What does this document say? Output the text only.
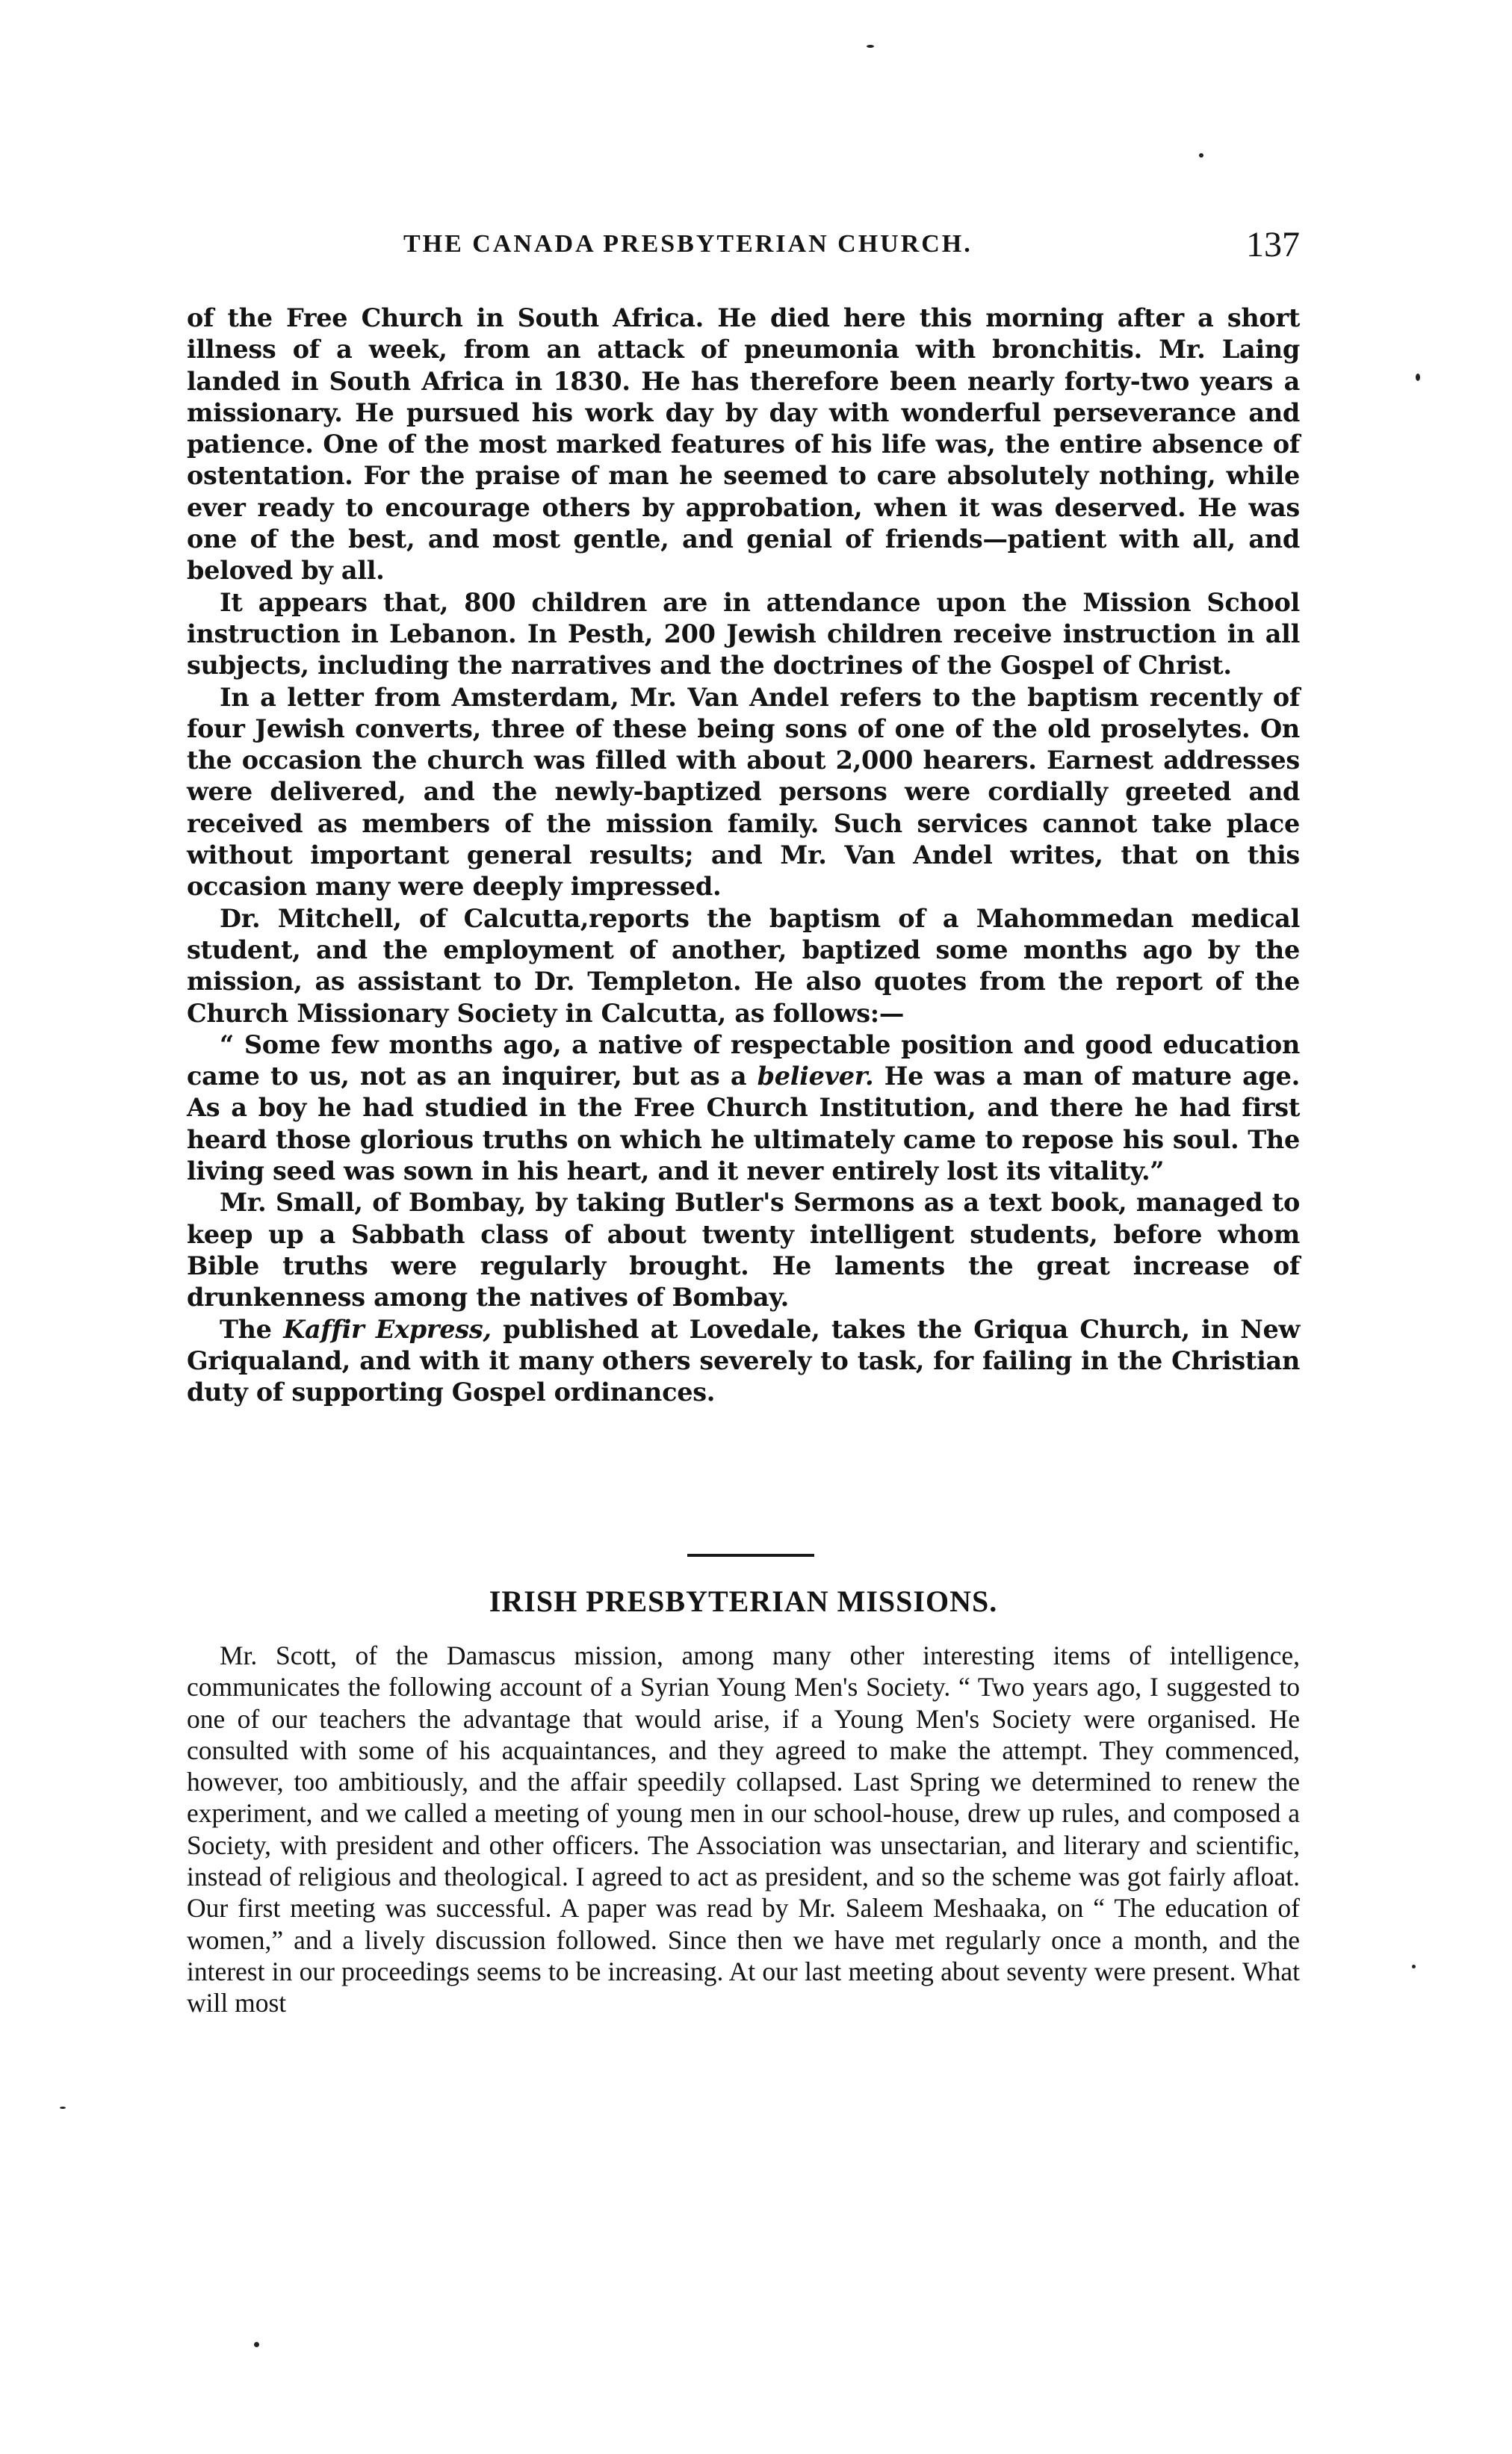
THE CANADA PRESBYTERIAN CHURCH.	137

of the Free Church in South Africa. He died here this morning after a short illness of a week, from an attack of pneumonia with bronchitis. Mr. Laing landed in South Africa in 1830. He has therefore been nearly forty-two years a missionary. He pursued his work day by day with wonderful perseverance and patience. One of the most marked features of his life was, the entire absence of ostentation. For the praise of man he seemed to care absolutely nothing, while ever ready to encourage others by approbation, when it was deserved. He was one of the best, and most gentle, and genial of friends—patient with all, and beloved by all.

It appears that, 800 children are in attendance upon the Mission School instruction in Lebanon. In Pesth, 200 Jewish children receive instruction in all subjects, including the narratives and the doctrines of the Gospel of Christ.

In a letter from Amsterdam, Mr. Van Andel refers to the baptism recently of four Jewish converts, three of these being sons of one of the old proselytes. On the occasion the church was filled with about 2,000 hearers. Earnest addresses were delivered, and the newly-baptized persons were cordially greeted and received as members of the mission family. Such services cannot take place without important general results; and Mr. Van Andel writes, that on this occasion many were deeply impressed.

Dr. Mitchell, of Calcutta,reports the baptism of a Mahommedan medical student, and the employment of another, baptized some months ago by the mission, as assistant to Dr. Templeton. He also quotes from the report of the Church Missionary Society in Calcutta, as follows:—

“ Some few months ago, a native of respectable position and good education came to us, not as an inquirer, but as a believer. He was a man of mature age. As a boy he had studied in the Free Church Institution, and there he had first heard those glorious truths on which he ultimately came to repose his soul. The living seed was sown in his heart, and it never entirely lost its vitality.”

Mr. Small, of Bombay, by taking Butler's Sermons as a text book, managed to keep up a Sabbath class of about twenty intelligent students, before whom Bible truths were regularly brought. He laments the great increase of drunkenness among the natives of Bombay.

The Kaffir Express, published at Lovedale, takes the Griqua Church, in New Griqualand, and with it many others severely to task, for failing in the Christian duty of supporting Gospel ordinances.

IRISH PRESBYTERIAN MISSIONS.

Mr. Scott, of the Damascus mission, among many other interesting items of intelligence, communicates the following account of a Syrian Young Men's Society. “ Two years ago, I suggested to one of our teachers the advantage that would arise, if a Young Men's Society were organised. He consulted with some of his acquaintances, and they agreed to make the attempt. They commenced, however, too ambitiously, and the affair speedily collapsed. Last Spring we determined to renew the experiment, and we called a meeting of young men in our school-house, drew up rules, and composed a Society, with president and other officers. The Association was unsectarian, and literary and scientific, instead of religious and theological. I agreed to act as president, and so the scheme was got fairly afloat. Our first meeting was successful. A paper was read by Mr. Saleem Meshaaka, on “ The education of women,” and a lively discussion followed. Since then we have met regularly once a month, and the interest in our proceedings seems to be increasing. At our last meeting about seventy were present. What will most
